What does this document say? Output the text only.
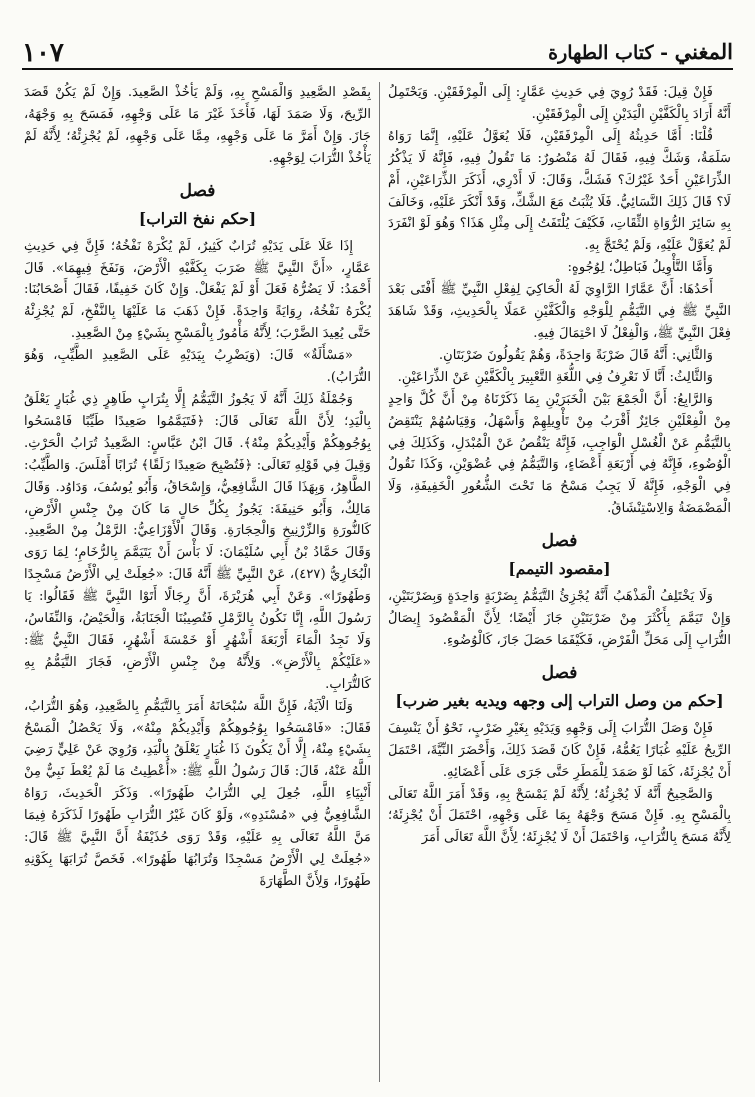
١٠٧	المغني - كتاب الطهارة

فَإِنْ قِيلَ: فَقَدْ رُوِيَ فِي حَدِيثِ عَمَّارٍ: إِلَى الْمِرْفَقَيْنِ. وَيَحْتَمِلُ أَنَّهُ أَرَادَ بِالْكَفَّيْنِ الْيَدَيْنِ إِلَى الْمِرْفَقَيْنِ.

قُلْنَا: أَمَّا حَدِيثُهُ إِلَى الْمِرْفَقَيْنِ، فَلَا يُعَوَّلُ عَلَيْهِ، إِنَّمَا رَوَاهُ سَلَمَةُ، وَشَكَّ فِيهِ، فَقَالَ لَهُ مَنْصُورٌ: مَا تَقُولُ فِيهِ، فَإِنَّهُ لَا يَذْكُرُ الذِّرَاعَيْنِ أَحَدٌ غَيْرُكَ؟ فَشَكَّ، وَقَالَ: لَا أَدْرِي، أَذَكَرَ الذِّرَاعَيْنِ، أَمْ لَا؟ قَالَ ذَلِكَ النَّسَائِيُّ. فَلَا يُثْبَتُ مَعَ الشَّكِّ، وَقَدْ أَنْكَرَ عَلَيْهِ، وَخَالَفَ بِهِ سَائِرَ الرُّوَاةِ الثِّقَاتِ، فَكَيْفَ يُلْتَفَتُ إِلَى مِثْلِ هَذَا؟ وَهُوَ لَوْ انْفَرَدَ لَمْ يُعَوَّلْ عَلَيْهِ، وَلَمْ يُحْتَجَّ بِهِ.

وَأَمَّا التَّأْوِيلُ فَبَاطِلٌ؛ لِوُجُوهٍ:

أَحَدُهَا: أَنَّ عَمَّارًا الرَّاوِيَ لَهُ الْحَاكِيَ لِفِعْلِ النَّبِيِّ ﷺ أَفْتَى بَعْدَ النَّبِيِّ ﷺ فِي التَّيَمُّمِ لِلْوَجْهِ وَالْكَفَّيْنِ عَمَلًا بِالْحَدِيثِ، وَقَدْ شَاهَدَ فِعْلَ النَّبِيِّ ﷺ، وَالْفِعْلُ لَا احْتِمَالَ فِيهِ.

وَالثَّانِي: أَنَّهُ قَالَ ضَرْبَةً وَاحِدَةً، وَهُمْ يَقُولُونَ ضَرْبَتَانِ.

وَالثَّالِثُ: أَنَّا لَا نَعْرِفُ فِي اللُّغَةِ التَّعْبِيرَ بِالْكَفَّيْنِ عَنْ الذِّرَاعَيْنِ.

وَالرَّابِعُ: أَنَّ الْجَمْعَ بَيْنَ الْخَبَرَيْنِ بِمَا ذَكَرْنَاهُ مِنْ أَنَّ كُلَّ وَاحِدٍ مِنْ الْفِعْلَيْنِ جَائِزٌ أَقْرَبُ مِنْ تَأْوِيلِهِمْ وَأَسْهَلُ، وَقِيَاسُهُمْ يَنْتَقِضُ بِالتَّيَمُّمِ عَنْ الْغُسْلِ الْوَاجِبِ، فَإِنَّهُ يَنْقُصُ عَنْ الْمُبْدَلِ، وَكَذَلِكَ فِي الْوُضُوءِ، فَإِنَّهُ فِي أَرْبَعَةِ أَعْضَاءٍ، وَالتَّيَمُّمُ فِي عُضْوَيْنِ، وَكَذَا نَقُولُ فِي الْوَجْهِ، فَإِنَّهُ لَا يَجِبُ مَسْحُ مَا تَحْتَ الشُّعُورِ الْخَفِيفَةِ، وَلَا الْمَضْمَضَةُ وَالِاسْتِنْشَاقُ.

فصل
[مقصود التيمم]

وَلَا يَخْتَلِفُ الْمَذْهَبُ أَنَّهُ يُجْزِئُ التَّيَمُّمُ بِضَرْبَةٍ وَاحِدَةٍ وَبِضَرْبَتَيْنِ، وَإِنْ تَيَمَّمَ بِأَكْثَرَ مِنْ ضَرْبَتَيْنِ جَازَ أَيْضًا؛ لِأَنَّ الْمَقْصُودَ إِيصَالُ التُّرَابِ إِلَى مَحَلِّ الْفَرْضِ، فَكَيْفَمَا حَصَلَ جَازَ، كَالْوُضُوءِ.

فصل
[حكم من وصل التراب إلى وجهه ويديه بغير ضرب]

فَإِنْ وَصَلَ التُّرَابَ إِلَى وَجْهِهِ وَيَدَيْهِ بِغَيْرِ ضَرْبٍ، نَحْوُ أَنْ يَنْسِفَ الرِّيحُ عَلَيْهِ غُبَارًا يَعُمُّهُ، فَإِنْ كَانَ قَصَدَ ذَلِكَ، وَأَحْضَرَ النِّيَّةَ، احْتَمَلَ أَنْ يُجْزِئَهُ، كَمَا لَوْ صَمَدَ لِلْمَطَرِ حَتَّى جَرَى عَلَى أَعْضَائِهِ.

وَالصَّحِيحُ أَنَّهُ لَا يُجْزِئُهُ؛ لِأَنَّهُ لَمْ يَمْسَحْ بِهِ، وَقَدْ أَمَرَ اللَّهُ تَعَالَى بِالْمَسْحِ بِهِ. فَإِنْ مَسَحَ وَجْهَهُ بِمَا عَلَى وَجْهِهِ، احْتَمَلَ أَنْ يُجْزِئَهُ؛ لِأَنَّهُ مَسَحَ بِالتُّرَابِ، وَاحْتَمَلَ أَنْ لَا يُجْزِئَهُ؛ لِأَنَّ اللَّهَ تَعَالَى أَمَرَ

بِقَصْدِ الصَّعِيدِ وَالْمَسْحِ بِهِ، وَلَمْ يَأْخُذْ الصَّعِيدَ. وَإِنْ لَمْ يَكُنْ قَصَدَ الرِّيحَ، وَلَا صَمَدَ لَهَا، فَأَخَذَ غَيْرَ مَا عَلَى وَجْهِهِ، فَمَسَحَ بِهِ وَجْهَهُ، جَازَ. وَإِنْ أَمَرَّ مَا عَلَى وَجْهِهِ، مِمَّا عَلَى وَجْهِهِ، لَمْ يُجْزِئْهُ؛ لِأَنَّهُ لَمْ يَأْخُذْ التُّرَابَ لِوَجْهِهِ.

فصل
[حكم نفخ التراب]

إِذَا عَلَا عَلَى يَدَيْهِ تُرَابٌ كَثِيرٌ، لَمْ يُكْرَهْ نَفْخُهُ؛ فَإِنَّ فِي حَدِيثِ عَمَّارٍ، «أَنَّ النَّبِيَّ ﷺ ضَرَبَ بِكَفَّيْهِ الْأَرْضَ، وَنَفَخَ فِيهِمَا». قَالَ أَحْمَدُ: لَا يَضُرُّهُ فَعَلَ أَوْ لَمْ يَفْعَلْ. وَإِنْ كَانَ خَفِيفًا، فَقَالَ أَصْحَابُنَا: يُكْرَهُ نَفْخُهُ، رِوَايَةً وَاحِدَةً. فَإِنْ ذَهَبَ مَا عَلَيْهَا بِالنَّفْخِ، لَمْ يُجْزِئْهُ حَتَّى يُعِيدَ الضَّرْبَ؛ لِأَنَّهُ مَأْمُورٌ بِالْمَسْحِ بِشَيْءٍ مِنْ الصَّعِيدِ.

«مَسْأَلَةٌ» قَالَ: (وَيَضْرِبُ بِيَدَيْهِ عَلَى الصَّعِيدِ الطَّيِّبِ، وَهُوَ التُّرَابُ).

وَجُمْلَةُ ذَلِكَ أَنَّهُ لَا يَجُوزُ التَّيَمُّمُ إِلَّا بِتُرَابٍ طَاهِرٍ ذِي غُبَارٍ يَعْلَقُ بِالْيَدِ؛ لِأَنَّ اللَّهَ تَعَالَى قَالَ: ﴿فَتَيَمَّمُوا صَعِيدًا طَيِّبًا فَامْسَحُوا بِوُجُوهِكُمْ وَأَيْدِيكُمْ مِنْهُ﴾. قَالَ ابْنُ عَبَّاسٍ: الصَّعِيدُ تُرَابُ الْحَرْثِ. وَقِيلَ فِي قَوْلِهِ تَعَالَى: ﴿فَتُصْبِحَ صَعِيدًا زَلَقًا﴾ تُرَابًا أَمْلَسَ. وَالطَّيِّبُ: الطَّاهِرُ، وَبِهَذَا قَالَ الشَّافِعِيُّ، وَإِسْحَاقُ، وَأَبُو يُوسُفَ، وَدَاوُد. وَقَالَ مَالِكٌ، وَأَبُو حَنِيفَةَ: يَجُوزُ بِكُلِّ حَالٍ مَا كَانَ مِنْ جِنْسِ الْأَرْضِ، كَالنُّورَةِ وَالزِّرْنِيخِ وَالْحِجَارَةِ. وَقَالَ الْأَوْزَاعِيُّ: الرَّمْلُ مِنْ الصَّعِيدِ. وَقَالَ حَمَّادُ بْنُ أَبِي سُلَيْمَانَ: لَا بَأْسَ أَنْ يَتَيَمَّمَ بِالرُّخَامِ؛ لِمَا رَوَى الْبُخَارِيُّ (٤٢٧)، عَنْ النَّبِيِّ ﷺ أَنَّهُ قَالَ: «جُعِلَتْ لِي الْأَرْضُ مَسْجِدًا وَطَهُورًا». وَعَنْ أَبِي هُرَيْرَةَ، أَنَّ رِجَالًا أَتَوْا النَّبِيَّ ﷺ فَقَالُوا: يَا رَسُولَ اللَّهِ، إِنَّا نَكُونُ بِالرَّمْلِ فَتُصِيبُنَا الْجَنَابَةُ، وَالْحَيْضُ، وَالنِّفَاسُ، وَلَا نَجِدُ الْمَاءَ أَرْبَعَةَ أَشْهُرٍ أَوْ خَمْسَةَ أَشْهُرٍ، فَقَالَ النَّبِيُّ ﷺ: «عَلَيْكُمْ بِالْأَرْضِ». وَلِأَنَّهُ مِنْ جِنْسِ الْأَرْضِ، فَجَازَ التَّيَمُّمُ بِهِ كَالتُّرَابِ.

وَلَنَا الْآيَةُ، فَإِنَّ اللَّهَ سُبْحَانَهُ أَمَرَ بِالتَّيَمُّمِ بِالصَّعِيدِ، وَهُوَ التُّرَابُ، فَقَالَ: «فَامْسَحُوا بِوُجُوهِكُمْ وَأَيْدِيكُمْ مِنْهُ»، وَلَا يَحْصُلُ الْمَسْحُ بِشَيْءٍ مِنْهُ، إِلَّا أَنْ يَكُونَ ذَا غُبَارٍ يَعْلَقُ بِالْيَدِ، وَرُوِيَ عَنْ عَلِيٍّ رَضِيَ اللَّهُ عَنْهُ، قَالَ: قَالَ رَسُولُ اللَّهِ ﷺ: «أُعْطِيتُ مَا لَمْ يُعْطَ نَبِيٌّ مِنْ أَنْبِيَاءِ اللَّهِ، جُعِلَ لِي التُّرَابُ طَهُورًا». وَذَكَرَ الْحَدِيثَ، رَوَاهُ الشَّافِعِيُّ فِي «مُسْنَدِهِ»، وَلَوْ كَانَ غَيْرُ التُّرَابِ طَهُورًا لَذَكَرَهُ فِيمَا مَنَّ اللَّهُ تَعَالَى بِهِ عَلَيْهِ، وَقَدْ رَوَى حُذَيْفَةُ أَنَّ النَّبِيَّ ﷺ قَالَ: «جُعِلَتْ لِي الْأَرْضُ مَسْجِدًا وَتُرَابُهَا طَهُورًا». فَخَصَّ تُرَابَهَا بِكَوْنِهِ طَهُورًا، وَلِأَنَّ الطَّهَارَةَ
